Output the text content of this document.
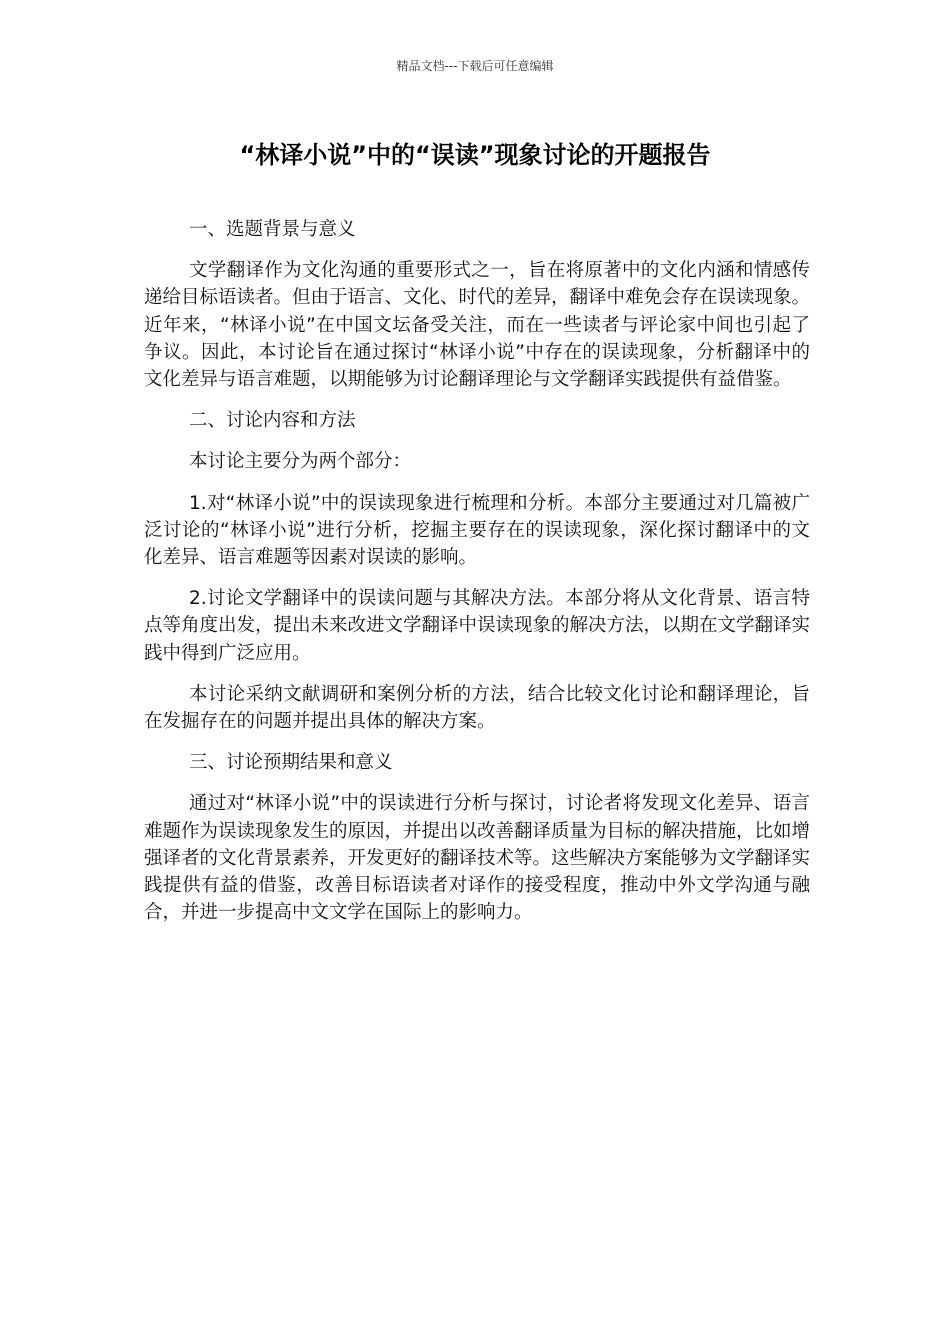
精品文档---下载后可任意编辑
“林译小说”中的“误读”现象讨论的开题报告

一、选题背景与意义

文学翻译作为文化沟通的重要形式之一，旨在将原著中的文化内涵和情感传递给目标语读者。但由于语言、文化、时代的差异，翻译中难免会存在误读现象。近年来，“林译小说”在中国文坛备受关注，而在一些读者与评论家中间也引起了争议。因此，本讨论旨在通过探讨“林译小说”中存在的误读现象，分析翻译中的文化差异与语言难题，以期能够为讨论翻译理论与文学翻译实践提供有益借鉴。

二、讨论内容和方法

本讨论主要分为两个部分：

1.对“林译小说”中的误读现象进行梳理和分析。本部分主要通过对几篇被广泛讨论的“林译小说”进行分析，挖掘主要存在的误读现象，深化探讨翻译中的文化差异、语言难题等因素对误读的影响。

2.讨论文学翻译中的误读问题与其解决方法。本部分将从文化背景、语言特点等角度出发，提出未来改进文学翻译中误读现象的解决方法，以期在文学翻译实践中得到广泛应用。

本讨论采纳文献调研和案例分析的方法，结合比较文化讨论和翻译理论，旨在发掘存在的问题并提出具体的解决方案。

三、讨论预期结果和意义

通过对“林译小说”中的误读进行分析与探讨，讨论者将发现文化差异、语言难题作为误读现象发生的原因，并提出以改善翻译质量为目标的解决措施，比如增强译者的文化背景素养，开发更好的翻译技术等。这些解决方案能够为文学翻译实践提供有益的借鉴，改善目标语读者对译作的接受程度，推动中外文学沟通与融合，并进一步提高中文文学在国际上的影响力。
